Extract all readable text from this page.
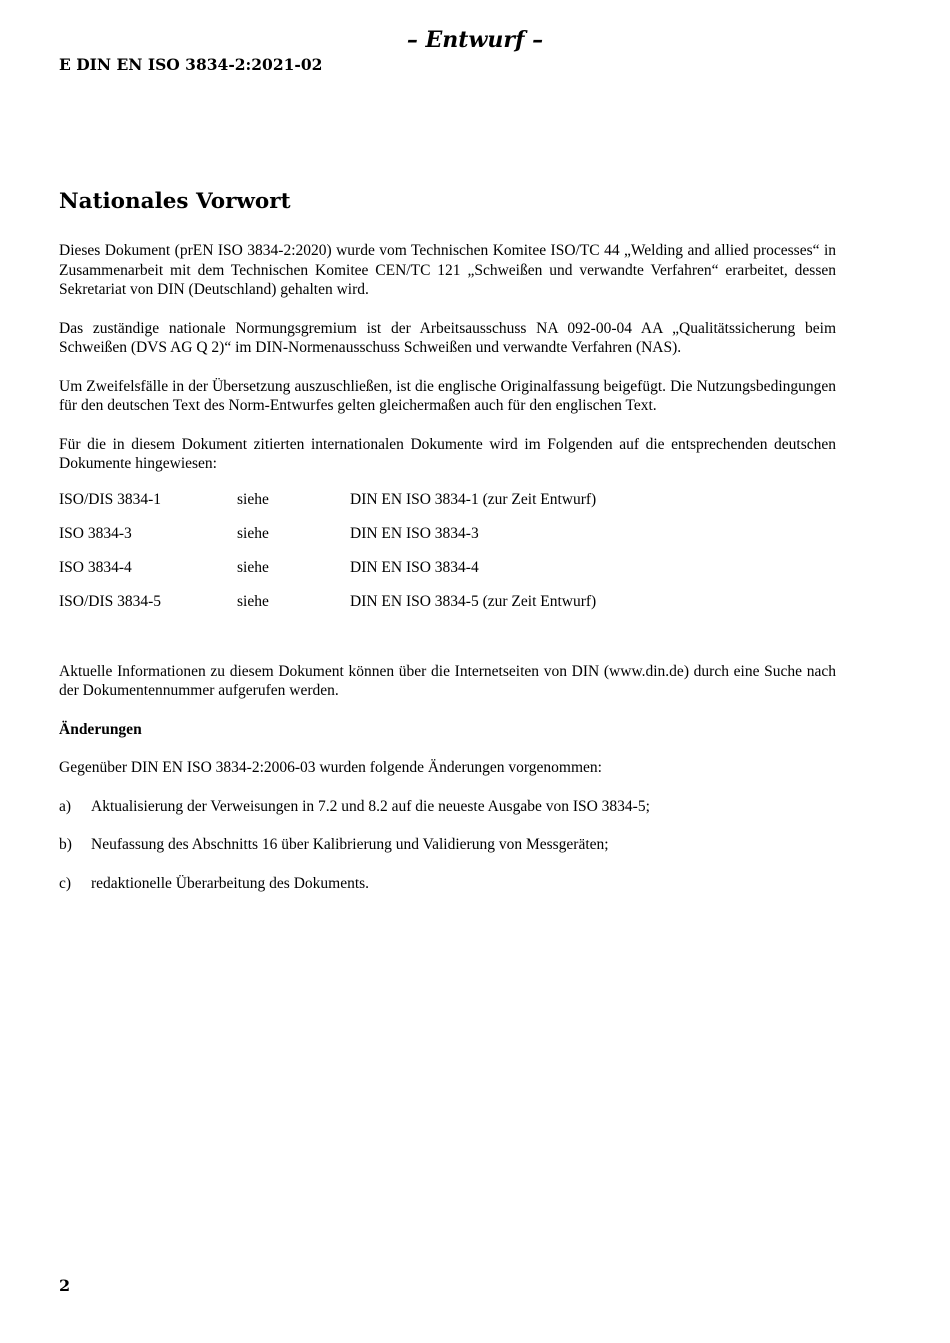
– Entwurf –
E DIN EN ISO 3834-2:2021-02
Nationales Vorwort

Dieses Dokument (prEN ISO 3834-2:2020) wurde vom Technischen Komitee ISO/TC 44 „Welding and allied processes“ in Zusammenarbeit mit dem Technischen Komitee CEN/TC 121 „Schweißen und verwandte Verfahren“ erarbeitet, dessen Sekretariat von DIN (Deutschland) gehalten wird.

Das zuständige nationale Normungsgremium ist der Arbeitsausschuss NA 092-00-04 AA „Qualitätssicherung beim Schweißen (DVS AG Q 2)“ im DIN-Normenausschuss Schweißen und verwandte Verfahren (NAS).

Um Zweifelsfälle in der Übersetzung auszuschließen, ist die englische Originalfassung beigefügt. Die Nutzungsbedingungen für den deutschen Text des Norm-Entwurfes gelten gleichermaßen auch für den englischen Text.

Für die in diesem Dokument zitierten internationalen Dokumente wird im Folgenden auf die entsprechenden deutschen Dokumente hingewiesen:

ISO/DIS 3834-1	siehe	DIN EN ISO 3834-1 (zur Zeit Entwurf)
ISO 3834-3	siehe	DIN EN ISO 3834-3
ISO 3834-4	siehe	DIN EN ISO 3834-4
ISO/DIS 3834-5	siehe	DIN EN ISO 3834-5 (zur Zeit Entwurf)

Aktuelle Informationen zu diesem Dokument können über die Internetseiten von DIN (www.din.de) durch eine Suche nach der Dokumentennummer aufgerufen werden.

Änderungen

Gegenüber DIN EN ISO 3834-2:2006-03 wurden folgende Änderungen vorgenommen:

a)	Aktualisierung der Verweisungen in 7.2 und 8.2 auf die neueste Ausgabe von ISO 3834-5;
b)	Neufassung des Abschnitts 16 über Kalibrierung und Validierung von Messgeräten;
c)	redaktionelle Überarbeitung des Dokuments.
2
